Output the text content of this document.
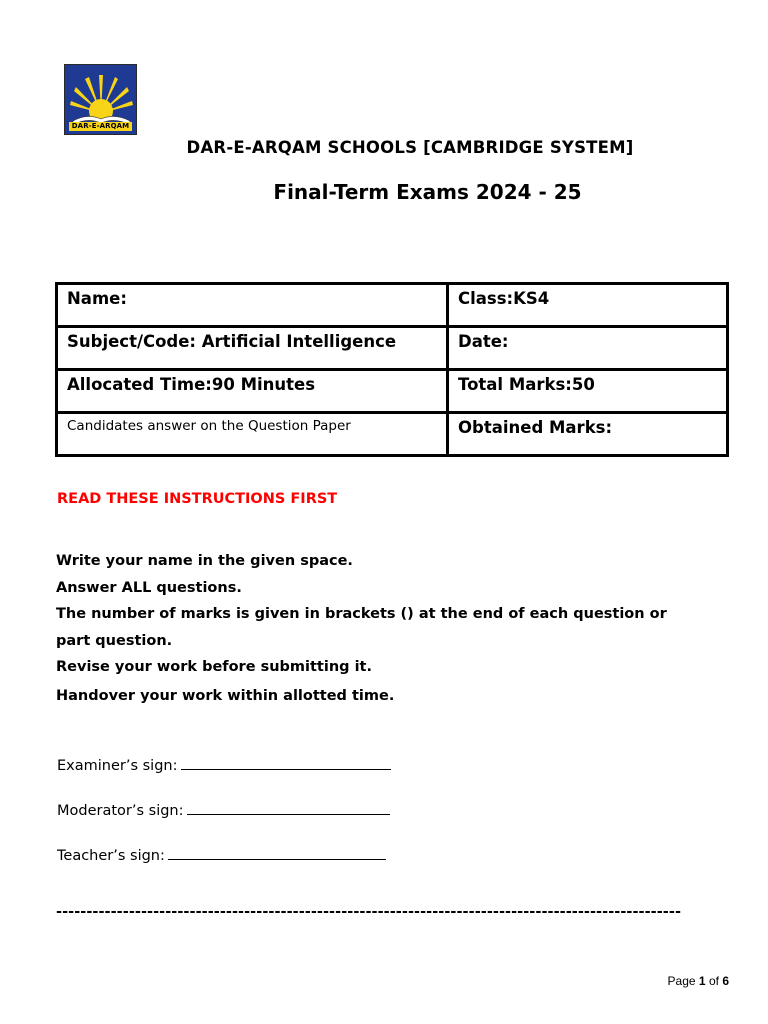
DAR-E-ARQAM
DAR-E-ARQAM SCHOOLS [CAMBRIDGE SYSTEM]
Final-Term Exams 2024 - 25
Name:	Class:KS4
Subject/Code: Artificial Intelligence	Date:
Allocated Time:90 Minutes	Total Marks:50
Candidates answer on the Question Paper	Obtained Marks:
READ THESE INSTRUCTIONS FIRST
Write your name in the given space.
Answer ALL questions.
The number of marks is given in brackets () at the end of each question or
part question.
Revise your work before submitting it.
Handover your work within allotted time.
Examiner’s sign:
Moderator’s sign:
Teacher’s sign:
-------------------------------------------------------------------------------------------------------
Page 1 of 6
